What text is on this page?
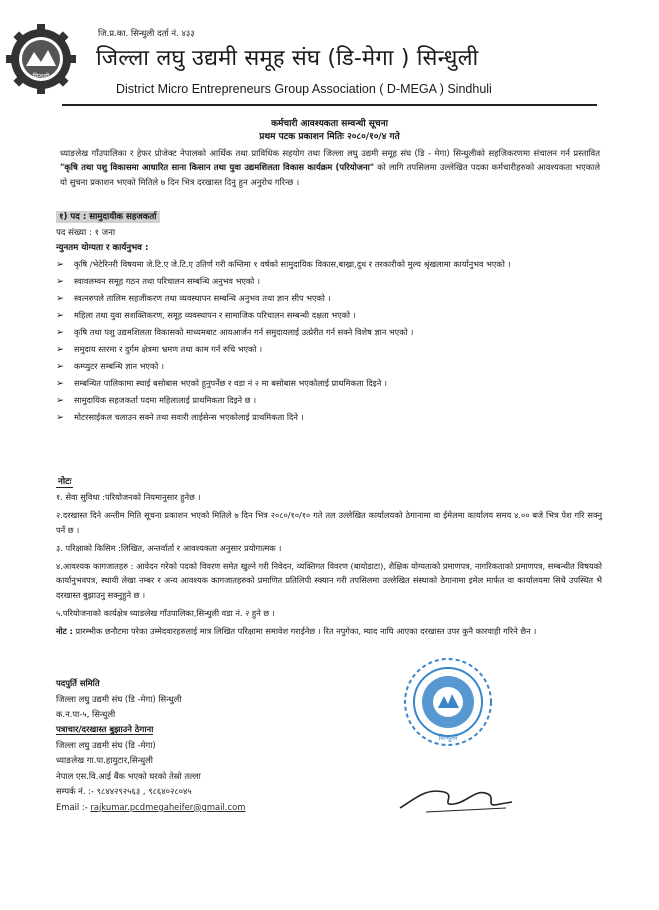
सिन्धुली
जि.प्र.का. सिन्धुली दर्ता नं. ४३३
जिल्ला लघु उद्यमी समूह संघ (डि-मेगा ) सिन्धुली
District Micro Entrepreneurs Group Association ( D-MEGA ) Sindhuli
कर्मचारी आवश्यकता सम्वन्धी सूचना
प्रथम पटक प्रकाशन मितिः २०८०/१०/४ गते
ध्याङलेख गाँउपालिका र हेफर प्रोजेक्ट नेपालको आर्थिक तथा प्राविधिक सहयोग तथा जिल्ला लघु उद्यमी समूह संघ (डि - मेगा) सिन्धुलीको सहजिकरणमा संचालन गर्न प्रस्तावित "कृषि तथा पशु विकासमा आधारित साना किसान तथा युवा उद्यमशिलता विकास कार्यक्रम (परियोजना" को लागि तपसिलमा उल्लेखित पदका कर्मचारीहरुको आवश्यकता भएकाले यो सुचना प्रकाशन भएको मितिले ७ दिन भित्र दरखास्त दिनु हुन अनुरोध गरिन्छ ।
१) पद : सामुदायीक सहजकर्ता
पद संख्या : १ जना
न्युनतम योग्यता र कार्यनुभव :
➢ कृषि /भेटेरिनरी विषयमा जे.टि.ए जे.टि.ए उतिर्ण गरी कम्तिमा १ वर्षको सामुदायिक विकास,बाख्रा,दुध र तरकारीको मुल्य श्रृंखलामा कार्यानुभव भएको ।
➢ स्वावलम्वन समूह गठन तथा परिचालन सम्बन्धि अनुभव भएको ।
➢ स्वत्नरुपले तालिम सहजीकरण तथा व्यवस्थापन सम्बन्धि अनुभव तथा ज्ञान सीप भएको ।
➢ महिला तथा युवा सशक्तिकरण, समूह व्यवस्थापन र सामाजिक परिचालन सम्बन्धी दक्षता भएको ।
➢ कृषि तथा पशु उद्यमशिलता विकासको माध्यमबाट आयआर्जन गर्न समुदायलाई उत्प्रेरीत गर्न सक्ने विशेष ज्ञान भएको ।
➢ समुदाय स्तरमा र दुर्गम क्षेत्रमा भ्रमण तथा काम गर्न रुचि भएको ।
➢ कम्प्युटर सम्बन्धि ज्ञान भएको ।
➢ सम्बन्धित पालिकामा स्थाई बसोबास भएको हुनुपर्नेछ र वडा नं २ मा बसोबास भएकोलाई प्राथमिकता दिइने ।
➢ सामुदायिक सहजकर्ता पदमा महिलालाई प्राथमिकता दिइने छ ।
➢ मोटरसाईकल चलाउन सक्ने तथा सवारी लाईसेन्स भएकोलाई प्राथमिकता दिने ।
नोटः

१. सेवा सुविधा :परियोजनको नियमानुसार हुनेछ ।

२.दरखास्त दिने अन्तीम मिति सूचना प्रकाशन भएको मितिले ७ दिन भित्र २०८०/१०/१० गते तल उल्लेखित कार्यालयको ठेगानामा वा ईमेलमा कार्यालय समय ४.०० बजे भित्र पेश गरि सक्नु पर्ने छ ।

३. परिक्षाको किसिम :लिखित, अन्तर्वार्ता र आवश्यकता अनुसार प्रयोगात्मक ।

४.आवश्यक कागजातहरु : आवेदन गरेको पदको विवरण समेत खुल्ने गरी निवेदन, व्यक्तिगत विवरण (बायोडाटा), शैक्षिक योग्यताको प्रमाणपत्र, नागरिकताको प्रमाणपत्र, सम्बन्धीत विषयको कार्यानुभवपत्र, स्थायी लेखा नम्बर र अन्य आवश्यक कागजातहरुको प्रमाणित प्रतिलिपी स्क्यान गरी तपसिलमा उल्लेखित संस्थाको ठेगानामा इमेल मार्फत वा कार्यालयमा सिधै उपस्थित भै दरखास्त बुझाउनु सक्नुहुने छ ।

५.परियोजनाको कार्यक्षेत्र ध्याङलेख गाँउपालिका,सिन्धुली वडा नं. २ हुने छ ।

नोट : प्रारम्भीक छनौटमा परेका उम्मेदवारहरुलाई मात्र लिखित परिक्षामा समावेश गराईनेछ । रित नपुगेका, म्याद नाघि आएका दरखास्त उपर कुनै कारवाही गरिने छैन ।

पदपुर्ति समिति
जिल्ला लघु उद्यमी संघ (डि -मेगा) सिन्धुली
क.न.पा-५, सिन्धुली
पत्राचार/दरखास्त बुझाउने ठेगाना
जिल्ला लघु उद्यमी संघ (डि -मेगा)
ध्याङलेख गा.पा.हायुटार,सिन्धुली
नेपाल एस.वि.आई बैंक भएको घरको तेस्रो तल्ला
सम्पर्क नं. :- ९८४४२९२५६३ , ९८६४०२८०४५
Email :- rajkumar.pcdmegaheifer@gmail.com
सिन्धुली
